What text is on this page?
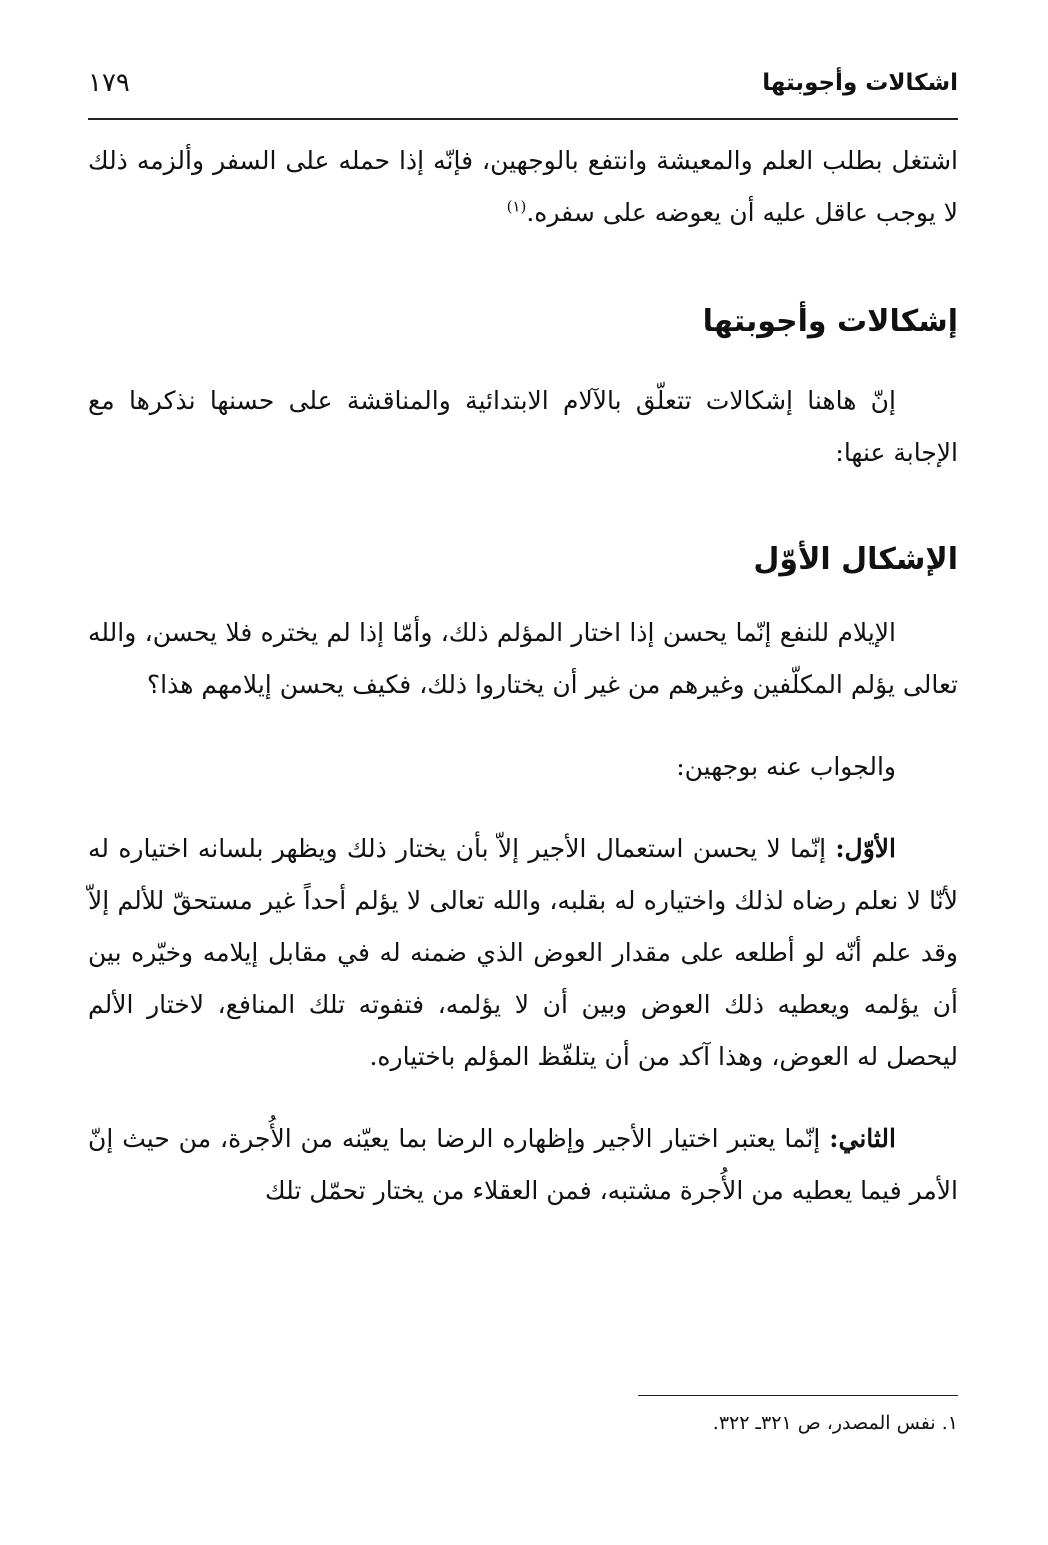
اشكالات وأجوبتها
١٧٩

اشتغل بطلب العلم والمعيشة وانتفع بالوجهين، فإنّه إذا حمله على السفر وألزمه ذلك لا يوجب عاقل عليه أن يعوضه على سفره.$^{(١)}$

إشكالات وأجوبتها

إنّ هاهنا إشكالات تتعلّق بالآلام الابتدائية والمناقشة على حسنها نذكرها مع الإجابة عنها:

الإشكال الأوّل

الإيلام للنفع إنّما يحسن إذا اختار المؤلم ذلك، وأمّا إذا لم يختره فلا يحسن، والله تعالى يؤلم المكلّفين وغيرهم من غير أن يختاروا ذلك، فكيف يحسن إيلامهم هذا؟

والجواب عنه بوجهين:

الأوّل: إنّما لا يحسن استعمال الأجير إلاّ بأن يختار ذلك ويظهر بلسانه اختياره له لأنّا لا نعلم رضاه لذلك واختياره له بقلبه، والله تعالى لا يؤلم أحداً غير مستحقّ للألم إلاّ وقد علم أنّه لو أطلعه على مقدار العوض الذي ضمنه له في مقابل إيلامه وخيّره بين أن يؤلمه ويعطيه ذلك العوض وبين أن لا يؤلمه، فتفوته تلك المنافع، لاختار الألم ليحصل له العوض، وهذا آكد من أن يتلفّظ المؤلم باختياره.

الثاني: إنّما يعتبر اختيار الأجير وإظهاره الرضا بما يعيّنه من الأُجرة، من حيث إنّ الأمر فيما يعطيه من الأُجرة مشتبه، فمن العقلاء من يختار تحمّل تلك

١. نفس المصدر، ص ٣٢١ـ ٣٢٢.
